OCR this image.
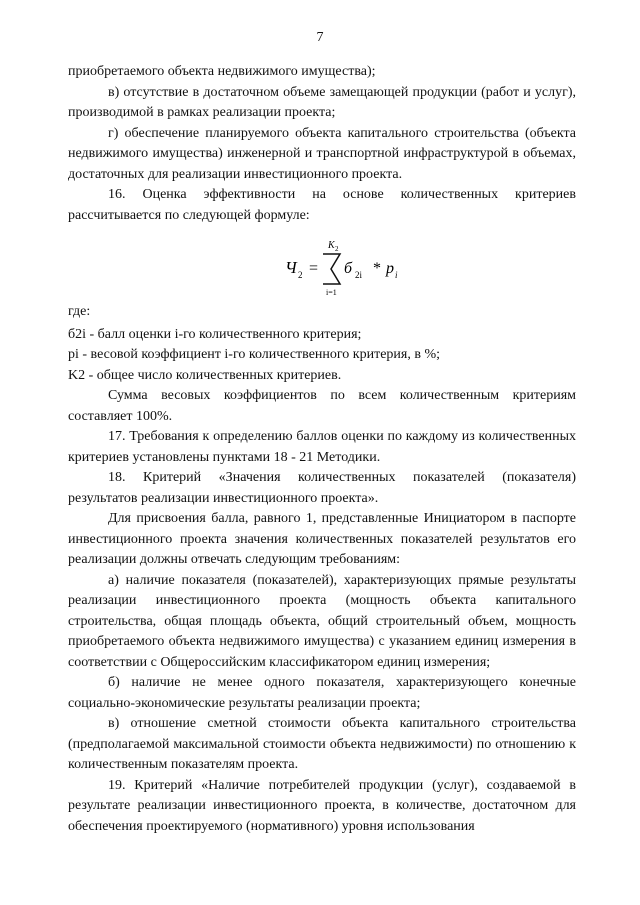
7

приобретаемого объекта недвижимого имущества);

в) отсутствие в достаточном объеме замещающей продукции (работ и услуг), производимой в рамках реализации проекта;

г) обеспечение планируемого объекта капитального строительства (объекта недвижимого имущества) инженерной и транспортной инфраструктурой в объемах, достаточных для реализации инвестиционного проекта.

16. Оценка эффективности на основе количественных критериев рассчитывается по следующей формуле:

Ч 2 =
K 2
i=1
б 2i * p i

где:

б2i - балл оценки i-го количественного критерия;

pi - весовой коэффициент i-го количественного критерия, в %;

K2 - общее число количественных критериев.

Сумма весовых коэффициентов по всем количественным критериям составляет 100%.

17. Требования к определению баллов оценки по каждому из количественных критериев установлены пунктами 18 - 21 Методики.

18. Критерий «Значения количественных показателей (показателя) результатов реализации инвестиционного проекта».

Для присвоения балла, равного 1, представленные Инициатором в паспорте инвестиционного проекта значения количественных показателей результатов его реализации должны отвечать следующим требованиям:

а) наличие показателя (показателей), характеризующих прямые результаты реализации инвестиционного проекта (мощность объекта капитального строительства, общая площадь объекта, общий строительный объем, мощность приобретаемого объекта недвижимого имущества) с указанием единиц измерения в соответствии с Общероссийским классификатором единиц измерения;

б) наличие не менее одного показателя, характеризующего конечные социально-экономические результаты реализации проекта;

в) отношение сметной стоимости объекта капитального строительства (предполагаемой максимальной стоимости объекта недвижимости) по отношению к количественным показателям проекта.

19. Критерий «Наличие потребителей продукции (услуг), создаваемой в результате реализации инвестиционного проекта, в количестве, достаточном для обеспечения проектируемого (нормативного) уровня использования
